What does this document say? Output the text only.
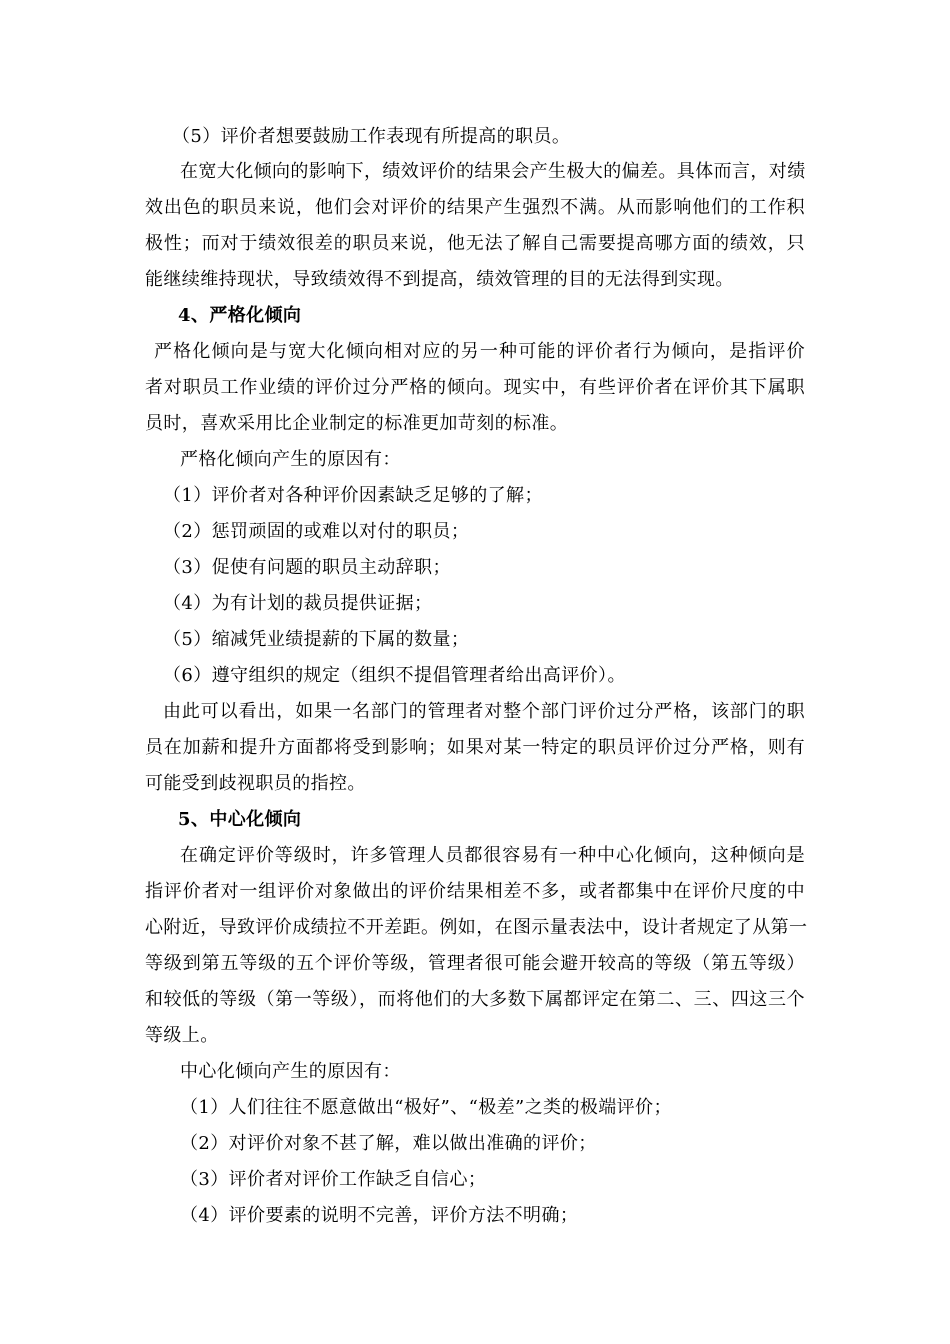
（5）评价者想要鼓励工作表现有所提高的职员。
在宽大化倾向的影响下，绩效评价的结果会产生极大的偏差。具体而言，对绩
效出色的职员来说，他们会对评价的结果产生强烈不满。从而影响他们的工作积
极性；而对于绩效很差的职员来说，他无法了解自己需要提高哪方面的绩效，只
能继续维持现状，导致绩效得不到提高，绩效管理的目的无法得到实现。
4、严格化倾向
严格化倾向是与宽大化倾向相对应的另一种可能的评价者行为倾向，是指评价
者对职员工作业绩的评价过分严格的倾向。现实中，有些评价者在评价其下属职
员时，喜欢采用比企业制定的标准更加苛刻的标准。
严格化倾向产生的原因有：
（1）评价者对各种评价因素缺乏足够的了解；
（2）惩罚顽固的或难以对付的职员；
（3）促使有问题的职员主动辞职；
（4）为有计划的裁员提供证据；
（5）缩减凭业绩提薪的下属的数量；
（6）遵守组织的规定（组织不提倡管理者给出高评价）。
由此可以看出，如果一名部门的管理者对整个部门评价过分严格，该部门的职
员在加薪和提升方面都将受到影响；如果对某一特定的职员评价过分严格，则有
可能受到歧视职员的指控。
5、中心化倾向
在确定评价等级时，许多管理人员都很容易有一种中心化倾向，这种倾向是
指评价者对一组评价对象做出的评价结果相差不多，或者都集中在评价尺度的中
心附近，导致评价成绩拉不开差距。例如，在图示量表法中，设计者规定了从第一
等级到第五等级的五个评价等级，管理者很可能会避开较高的等级（第五等级）
和较低的等级（第一等级），而将他们的大多数下属都评定在第二、三、四这三个
等级上。
中心化倾向产生的原因有：
（1）人们往往不愿意做出“极好”、“极差”之类的极端评价；
（2）对评价对象不甚了解，难以做出准确的评价；
（3）评价者对评价工作缺乏自信心；
（4）评价要素的说明不完善，评价方法不明确；
